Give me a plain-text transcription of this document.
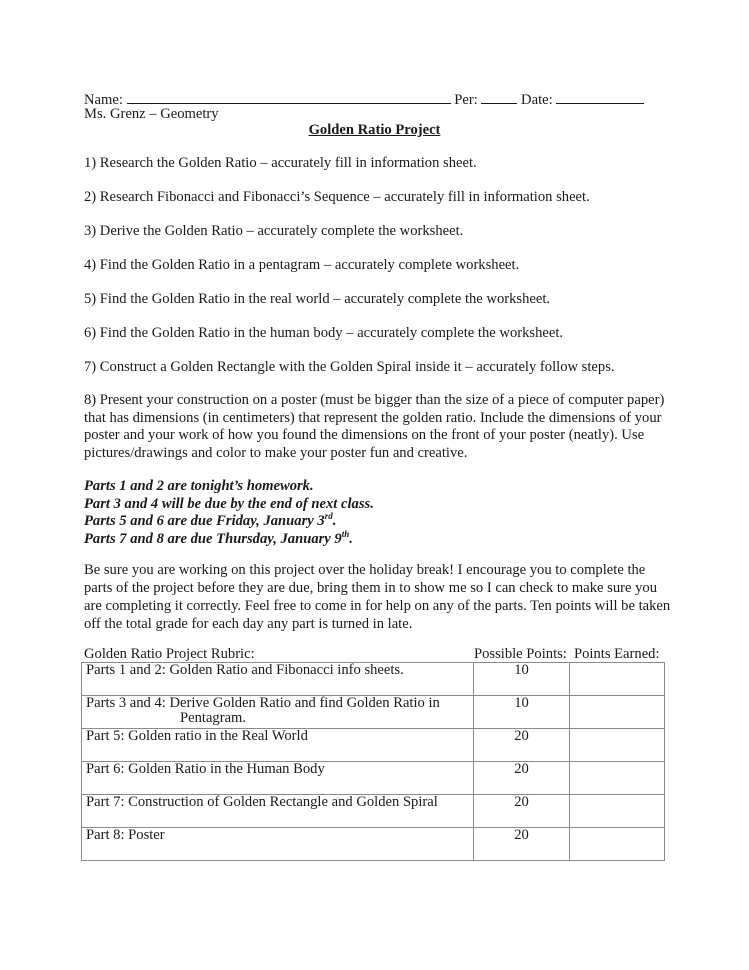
Name:	Per:	Date:
Ms. Grenz – Geometry
Golden Ratio Project
1) Research the Golden Ratio – accurately fill in information sheet.
2) Research Fibonacci and Fibonacci’s Sequence – accurately fill in information sheet.
3) Derive the Golden Ratio – accurately complete the worksheet.
4) Find the Golden Ratio in a pentagram – accurately complete worksheet.
5) Find the Golden Ratio in the real world – accurately complete the worksheet.
6) Find the Golden Ratio in the human body – accurately complete the worksheet.
7) Construct a Golden Rectangle with the Golden Spiral inside it – accurately follow steps.
8) Present your construction on a poster (must be bigger than the size of a piece of computer paper) that has dimensions (in centimeters) that represent the golden ratio. Include the dimensions of your poster and your work of how you found the dimensions on the front of your poster (neatly). Use pictures/drawings and color to make your poster fun and creative.
Parts 1 and 2 are tonight’s homework.
Part 3 and 4 will be due by the end of next class.
Parts 5 and 6 are due Friday, January 3rd.
Parts 7 and 8 are due Thursday, January 9th.
Be sure you are working on this project over the holiday break! I encourage you to complete the parts of the project before they are due, bring them in to show me so I can check to make sure you are completing it correctly. Feel free to come in for help on any of the parts. Ten points will be taken off the total grade for each day any part is turned in late.
Golden Ratio Project Rubric:	Possible Points: Points Earned:
Parts 1 and 2: Golden Ratio and Fibonacci info sheets.	10	
Parts 3 and 4: Derive Golden Ratio and find Golden Ratio in
Pentagram.	10	
Part 5: Golden ratio in the Real World	20	
Part 6: Golden Ratio in the Human Body	20	
Part 7: Construction of Golden Rectangle and Golden Spiral	20	
Part 8: Poster	20	
